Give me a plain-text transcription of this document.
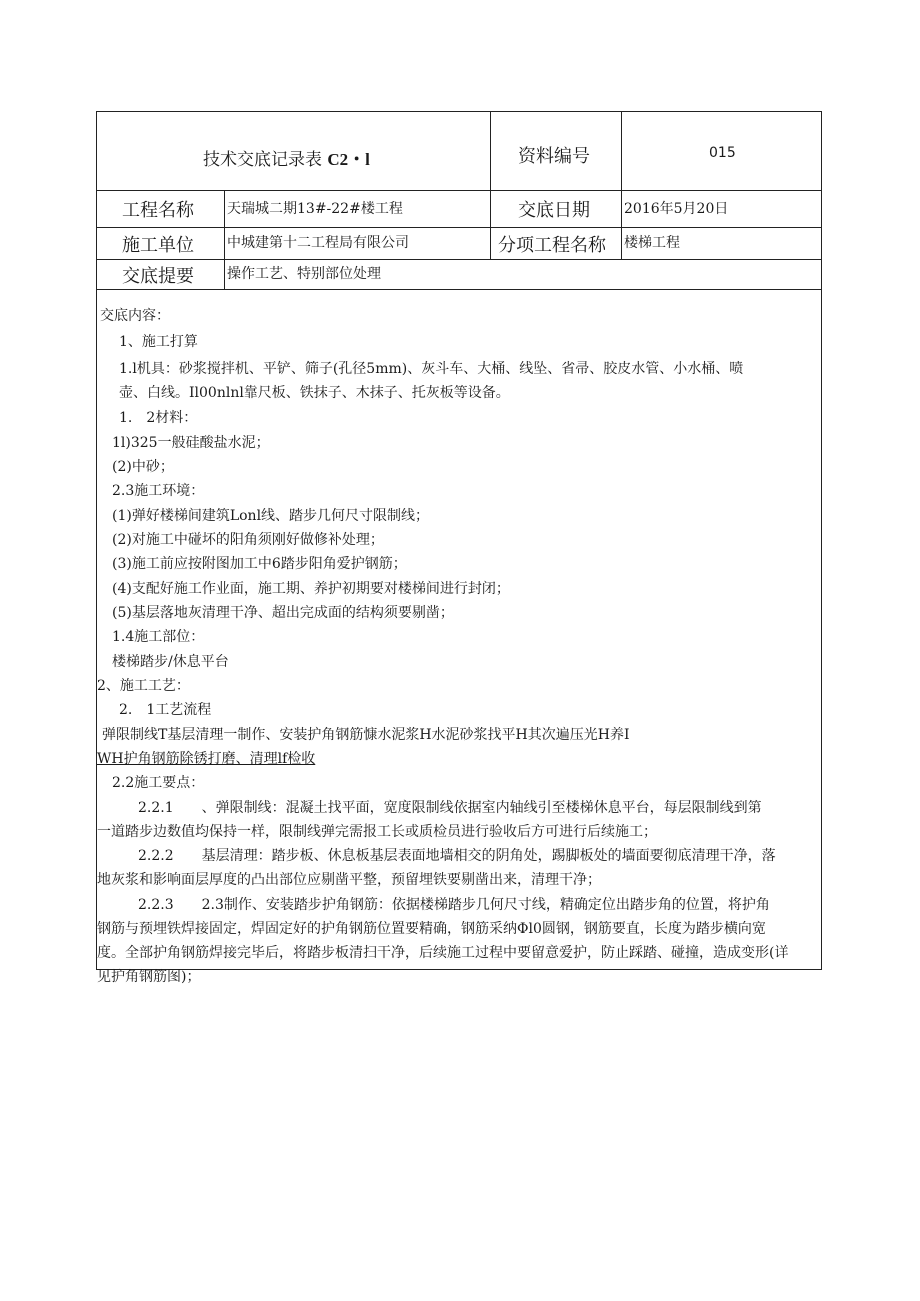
技术交底记录表 C2・l	资料编号	015
工程名称 天瑞城二期13#-22#楼工程	交底日期 2016年5月20日
施工单位 中城建第十二工程局有限公司	分项工程名称 楼梯工程
交底提要 操作工艺、特别部位处理
交底内容：
1、施工打算
1.l机具：砂浆搅拌机、平铲、筛子(孔径5mm)、灰斗车、大桶、线坠、省帚、胶皮水管、小水桶、喷
壶、白线。Il00nlnl靠尺板、铁抹子、木抹子、托灰板等设备。
1.　2材料：
1l)325一般硅酸盐水泥；
(2)中砂；
2.3施工环境：
(1)弹好楼梯间建筑Lonl线、踏步几何尺寸限制线；
(2)对施工中碰坏的阳角须刚好做修补处理；
(3)施工前应按附图加工中6踏步阳角爱护钢筋；
(4)支配好施工作业面，施工期、养护初期要对楼梯间进行封闭；
(5)基层落地灰清理干净、超出完成面的结构须要剔凿；
1.4施工部位：
楼梯踏步/休息平台
2、施工工艺：
2.　1工艺流程
弹限制线T基层清理一制作、安装护角钢筋慷水泥浆H水泥砂浆找平H其次遍压光H养I
WH护角钢筋除锈打磨、清理lf检收
2.2施工要点：
2.2.1　　、弹限制线：混凝土找平面，宽度限制线依据室内轴线引至楼梯休息平台，每层限制线到第
一道踏步边数值均保持一样，限制线弹完需报工长或质检员进行验收后方可进行后续施工；
2.2.2　　基层清理：踏步板、休息板基层表面地墙相交的阴角处，踢脚板处的墙面要彻底清理干净，落
地灰浆和影响面层厚度的凸出部位应剔凿平整，预留埋铁要剔凿出来，清理干净；
2.2.3　　2.3制作、安装踏步护角钢筋：依据楼梯踏步几何尺寸线，精确定位出踏步角的位置，将护角
钢筋与预埋铁焊接固定，焊固定好的护角钢筋位置要精确，钢筋采纳Φl0圆钢，钢筋要直，长度为踏步横向宽
度。全部护角钢筋焊接完毕后，将踏步板清扫干净，后续施工过程中要留意爱护，防止踩踏、碰撞，造成变形(详
见护角钢筋图)；
